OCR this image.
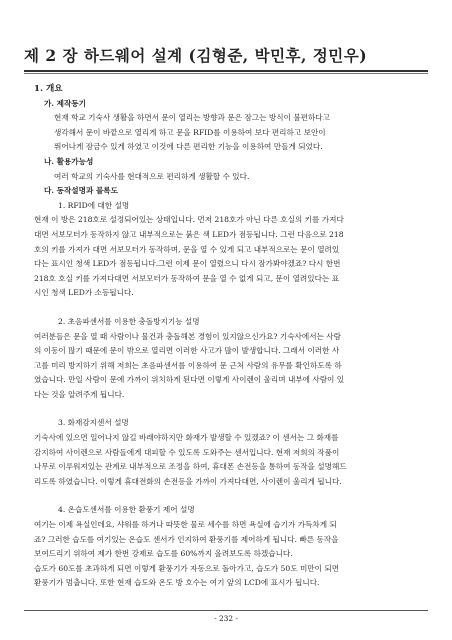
제 2 장 하드웨어 설계 (김형준, 박민후, 정민우)
1. 개요
가. 제작동기
현재 학교 기숙사 생활을 하면서 문이 열리는 방향과 문은 잠그는 방식이 불편하다고
생각해서 문이 바깥으로 열리게 하고 문을 RFID를 이용하여 보다 편리하고 보안이
뛰어나게 잠금수 있게 하였고 이것에 다른 편리한 기능을 이용하여 만들게 되었다.
나. 활용가능성
여러 학교의 기숙사를 현대적으로 편리하게 생활할 수 있다.
다. 동작설명과 블록도
1. RFID에 대한 설명
현재 이 방은 218호로 설정되어있는 상태입니다. 먼저 218호가 아닌 다른 호실의 키를 가져다
대면 서보모터가 동작하지 않고 내부적으로는 붉은 색 LED가 점등됩니다. 그런 다음으로 218
호의 키를 가져가 대면 서보모터가 동작하며, 문을 열 수 있게 되고 내부적으로는 문이 열려있
다는 표시인 청색 LED가 점등됩니다.그런 이제 문이 열렸으니 다시 잠가봐야겠죠? 다시 한번
218호 호실 키를 가져다대면 서보모터가 동작하여 문을 열 수 없게 되고, 문이 열려있다는 표
시인 청색 LED가 소등됩니다.
2. 초음파센서를 이용한 충돌방지기능 설명
여러분들은 문을 열 때 사람이나 물건과 충돌해본 경험이 있지않으신가요? 기숙사에서는 사람
의 이동이 많기 때문에 문이 밖으로 열리면 이러한 사고가 많이 발생합니다. 그래서 이러한 사
고를 미리 방지하기 위해 저희는 초음파센서를 이용하여 문 근처 사람의 유무를 확인하도록 하
였습니다. 만일 사람이 문에 가까이 위치하게 된다면 이렇게 사이렌이 울리며 내부에 사람이 있
다는 것을 알려주게 됩니다.
3. 화재감지센서 설명
기숙사에 있으면 일어나지 않길 바래야하지만 화재가 발생할 수 있겠죠? 이 센서는 그 화재를
감지하여 사이렌으로 사람들에게 대피할 수 있도록 도와주는 센서입니다. 현재 저희의 작품이
나무로 이루워져있는 관계로 내부적으로 조정을 하여, 휴대폰 손전등을 통하여 동작을 설명해드
리도록 하였습니다. 이렇게 휴대전화의 손전등을 가까이 가져다대면, 사이렌이 울리게 됩니다.
4. 온습도센서를 이용한 환풍기 제어 설명
여기는 이제 욕실인데요, 샤워를 하거나 따뜻한 물로 세수를 하면 욕실에 습기가 가득차게 되
죠? 그러한 습도를 여기있는 온습도 센서가 인지하여 환풍기를 제어하게 됩니다. 빠른 동작을
보여드리기 위하여 제가 한번 강제로 습도를 60%까지 올려보도록 하겠습니다.
습도가 60도를 초과하게 되면 이렇게 환풍기가 자동으로 돌아가고, 습도가 50도 미만이 되면
환풍기가 멈춥니다. 또한 현재 습도와 온도 방 호수는 여기 앞의 LCD에 표시가 됩니다.
- 232 -
